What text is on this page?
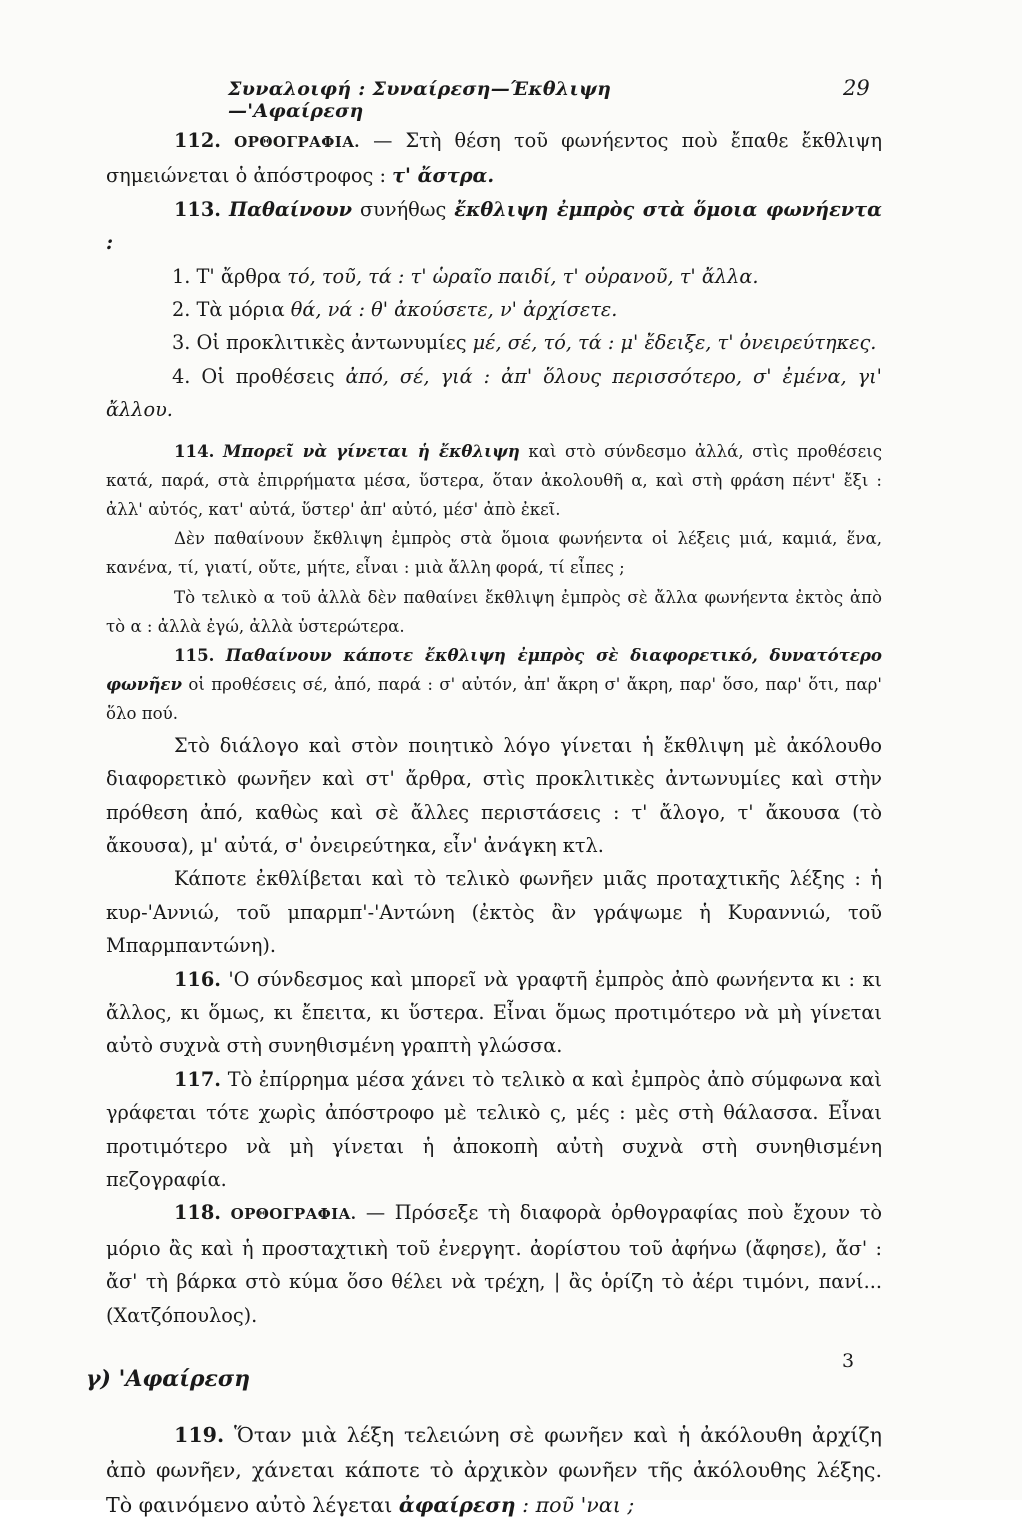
Συναλοιφή : Συναίρεση—Έκθλιψη—'Αφαίρεση
29

112. ΟΡΘΟΓΡΑΦΙΑ. — Στὴ θέση τοῦ φωνήεντος ποὺ ἔπαθε ἔκθλιψη σημειώνεται ὁ ἀπόστροφος : τ' ἄστρα.

113. Παθαίνουν συνήθως ἔκθλιψη ἐμπρὸς στὰ ὅμοια φωνήεντα :

1. Τ' ἄρθρα τό, τοῦ, τά : τ' ὡραῖο παιδί, τ' οὐρανοῦ, τ' ἄλλα.

2. Τὰ μόρια θά, νά : θ' ἀκούσετε, ν' ἀρχίσετε.

3. Οἱ προκλιτικὲς ἀντωνυμίες μέ, σέ, τό, τά : μ' ἔδειξε, τ' ὀνειρεύτηκες.

4. Οἱ προθέσεις ἀπό, σέ, γιά : ἀπ' ὅλους περισσότερο, σ' ἐμένα, γι' ἄλλου.

114. Μπορεῖ νὰ γίνεται ἡ ἔκθλιψη καὶ στὸ σύνδεσμο ἀλλά, στὶς προθέσεις κατά, παρά, στὰ ἐπιρρήματα μέσα, ὕστερα, ὅταν ἀκολουθῆ α, καὶ στὴ φράση πέντ' ἔξι : ἀλλ' αὐτός, κατ' αὐτά, ὕστερ' ἀπ' αὐτό, μέσ' ἀπὸ ἐκεῖ.

Δὲν παθαίνουν ἔκθλιψη ἐμπρὸς στὰ ὅμοια φωνήεντα οἱ λέξεις μιά, καμιά, ἕνα, κανένα, τί, γιατί, οὔτε, μήτε, εἶναι : μιὰ ἄλλη φορά, τί εἶπες ;

Τὸ τελικὸ α τοῦ ἀλλὰ δὲν παθαίνει ἔκθλιψη ἐμπρὸς σὲ ἄλλα φωνήεντα ἐκτὸς ἀπὸ τὸ α : ἀλλὰ ἐγώ, ἀλλὰ ὑστερώτερα.

115. Παθαίνουν κάποτε ἔκθλιψη ἐμπρὸς σὲ διαφορετικό, δυνατότερο φωνῆεν οἱ προθέσεις σέ, ἀπό, παρά : σ' αὐτόν, ἀπ' ἄκρη σ' ἄκρη, παρ' ὅσο, παρ' ὅτι, παρ' ὅλο πού.

Στὸ διάλογο καὶ στὸν ποιητικὸ λόγο γίνεται ἡ ἔκθλιψη μὲ ἀκόλουθο διαφορετικὸ φωνῆεν καὶ στ' ἄρθρα, στὶς προκλιτικὲς ἀντωνυμίες καὶ στὴν πρόθεση ἀπό, καθὼς καὶ σὲ ἄλλες περιστάσεις : τ' ἄλογο, τ' ἄκουσα (τὸ ἄκουσα), μ' αὐτά, σ' ὀνειρεύτηκα, εἶν' ἀνάγκη κτλ.

Κάποτε ἐκθλίβεται καὶ τὸ τελικὸ φωνῆεν μιᾶς προταχτικῆς λέξης : ἡ κυρ-'Αννιώ, τοῦ μπαρμπ'-'Αντώνη (ἐκτὸς ἂν γράψωμε ἡ Κυραννιώ, τοῦ Μπαρμπαντώνη).

116. 'Ο σύνδεσμος καὶ μπορεῖ νὰ γραφτῆ ἐμπρὸς ἀπὸ φωνήεντα κι : κι ἄλλος, κι ὅμως, κι ἔπειτα, κι ὕστερα. Εἶναι ὅμως προτιμότερο νὰ μὴ γίνεται αὐτὸ συχνὰ στὴ συνηθισμένη γραπτὴ γλώσσα.

117. Τὸ ἐπίρρημα μέσα χάνει τὸ τελικὸ α καὶ ἐμπρὸς ἀπὸ σύμφωνα καὶ γράφεται τότε χωρὶς ἀπόστροφο μὲ τελικὸ ς, μές : μὲς στὴ θάλασσα. Εἶναι προτιμότερο νὰ μὴ γίνεται ἡ ἀποκοπὴ αὐτὴ συχνὰ στὴ συνηθισμένη πεζογραφία.

118. ΟΡΘΟΓΡΑΦΙΑ. — Πρόσεξε τὴ διαφορὰ ὀρθογραφίας ποὺ ἔχουν τὸ μόριο ἂς καὶ ἡ προσταχτικὴ τοῦ ἐνεργητ. ἀορίστου τοῦ ἀφήνω (ἄφησε), ἄσ' : ἄσ' τὴ βάρκα στὸ κύμα ὅσο θέλει νὰ τρέχη, | ἂς ὁρίζη τὸ ἀέρι τιμόνι, πανί... (Χατζόπουλος).

γ) 'Αφαίρεση

119. Ὅταν μιὰ λέξη τελειώνη σὲ φωνῆεν καὶ ἡ ἀκόλουθη ἀρχίζη ἀπὸ φωνῆεν, χάνεται κάποτε τὸ ἀρχικὸν φωνῆεν τῆς ἀκόλουθης λέξης. Τὸ φαινόμενο αὐτὸ λέγεται ἀφαίρεση : ποῦ 'ναι ;

3
